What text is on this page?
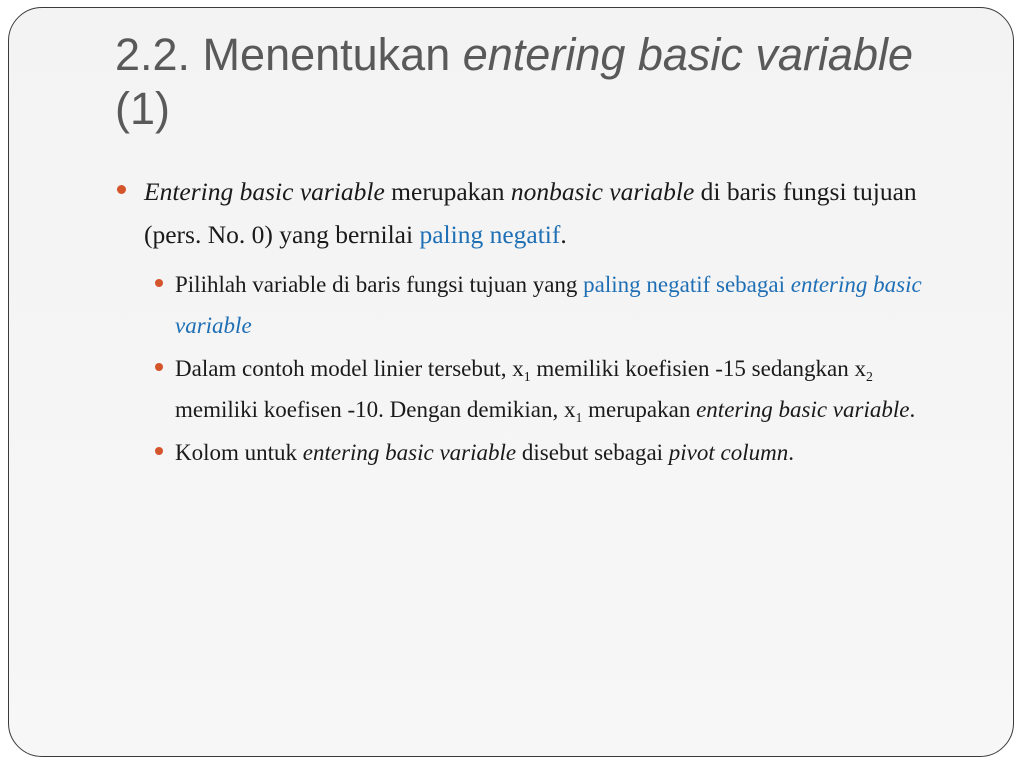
2.2. Menentukan entering basic variable (1)
Entering basic variable merupakan nonbasic variable di baris fungsi tujuan (pers. No. 0) yang bernilai paling negatif.
Pilihlah variable di baris fungsi tujuan yang paling negatif sebagai entering basic variable
Dalam contoh model linier tersebut, $x_1$ memiliki koefisien -15 sedangkan $x_2$ memiliki koefisen -10. Dengan demikian, $x_1$ merupakan entering basic variable.
Kolom untuk entering basic variable disebut sebagai pivot column.
